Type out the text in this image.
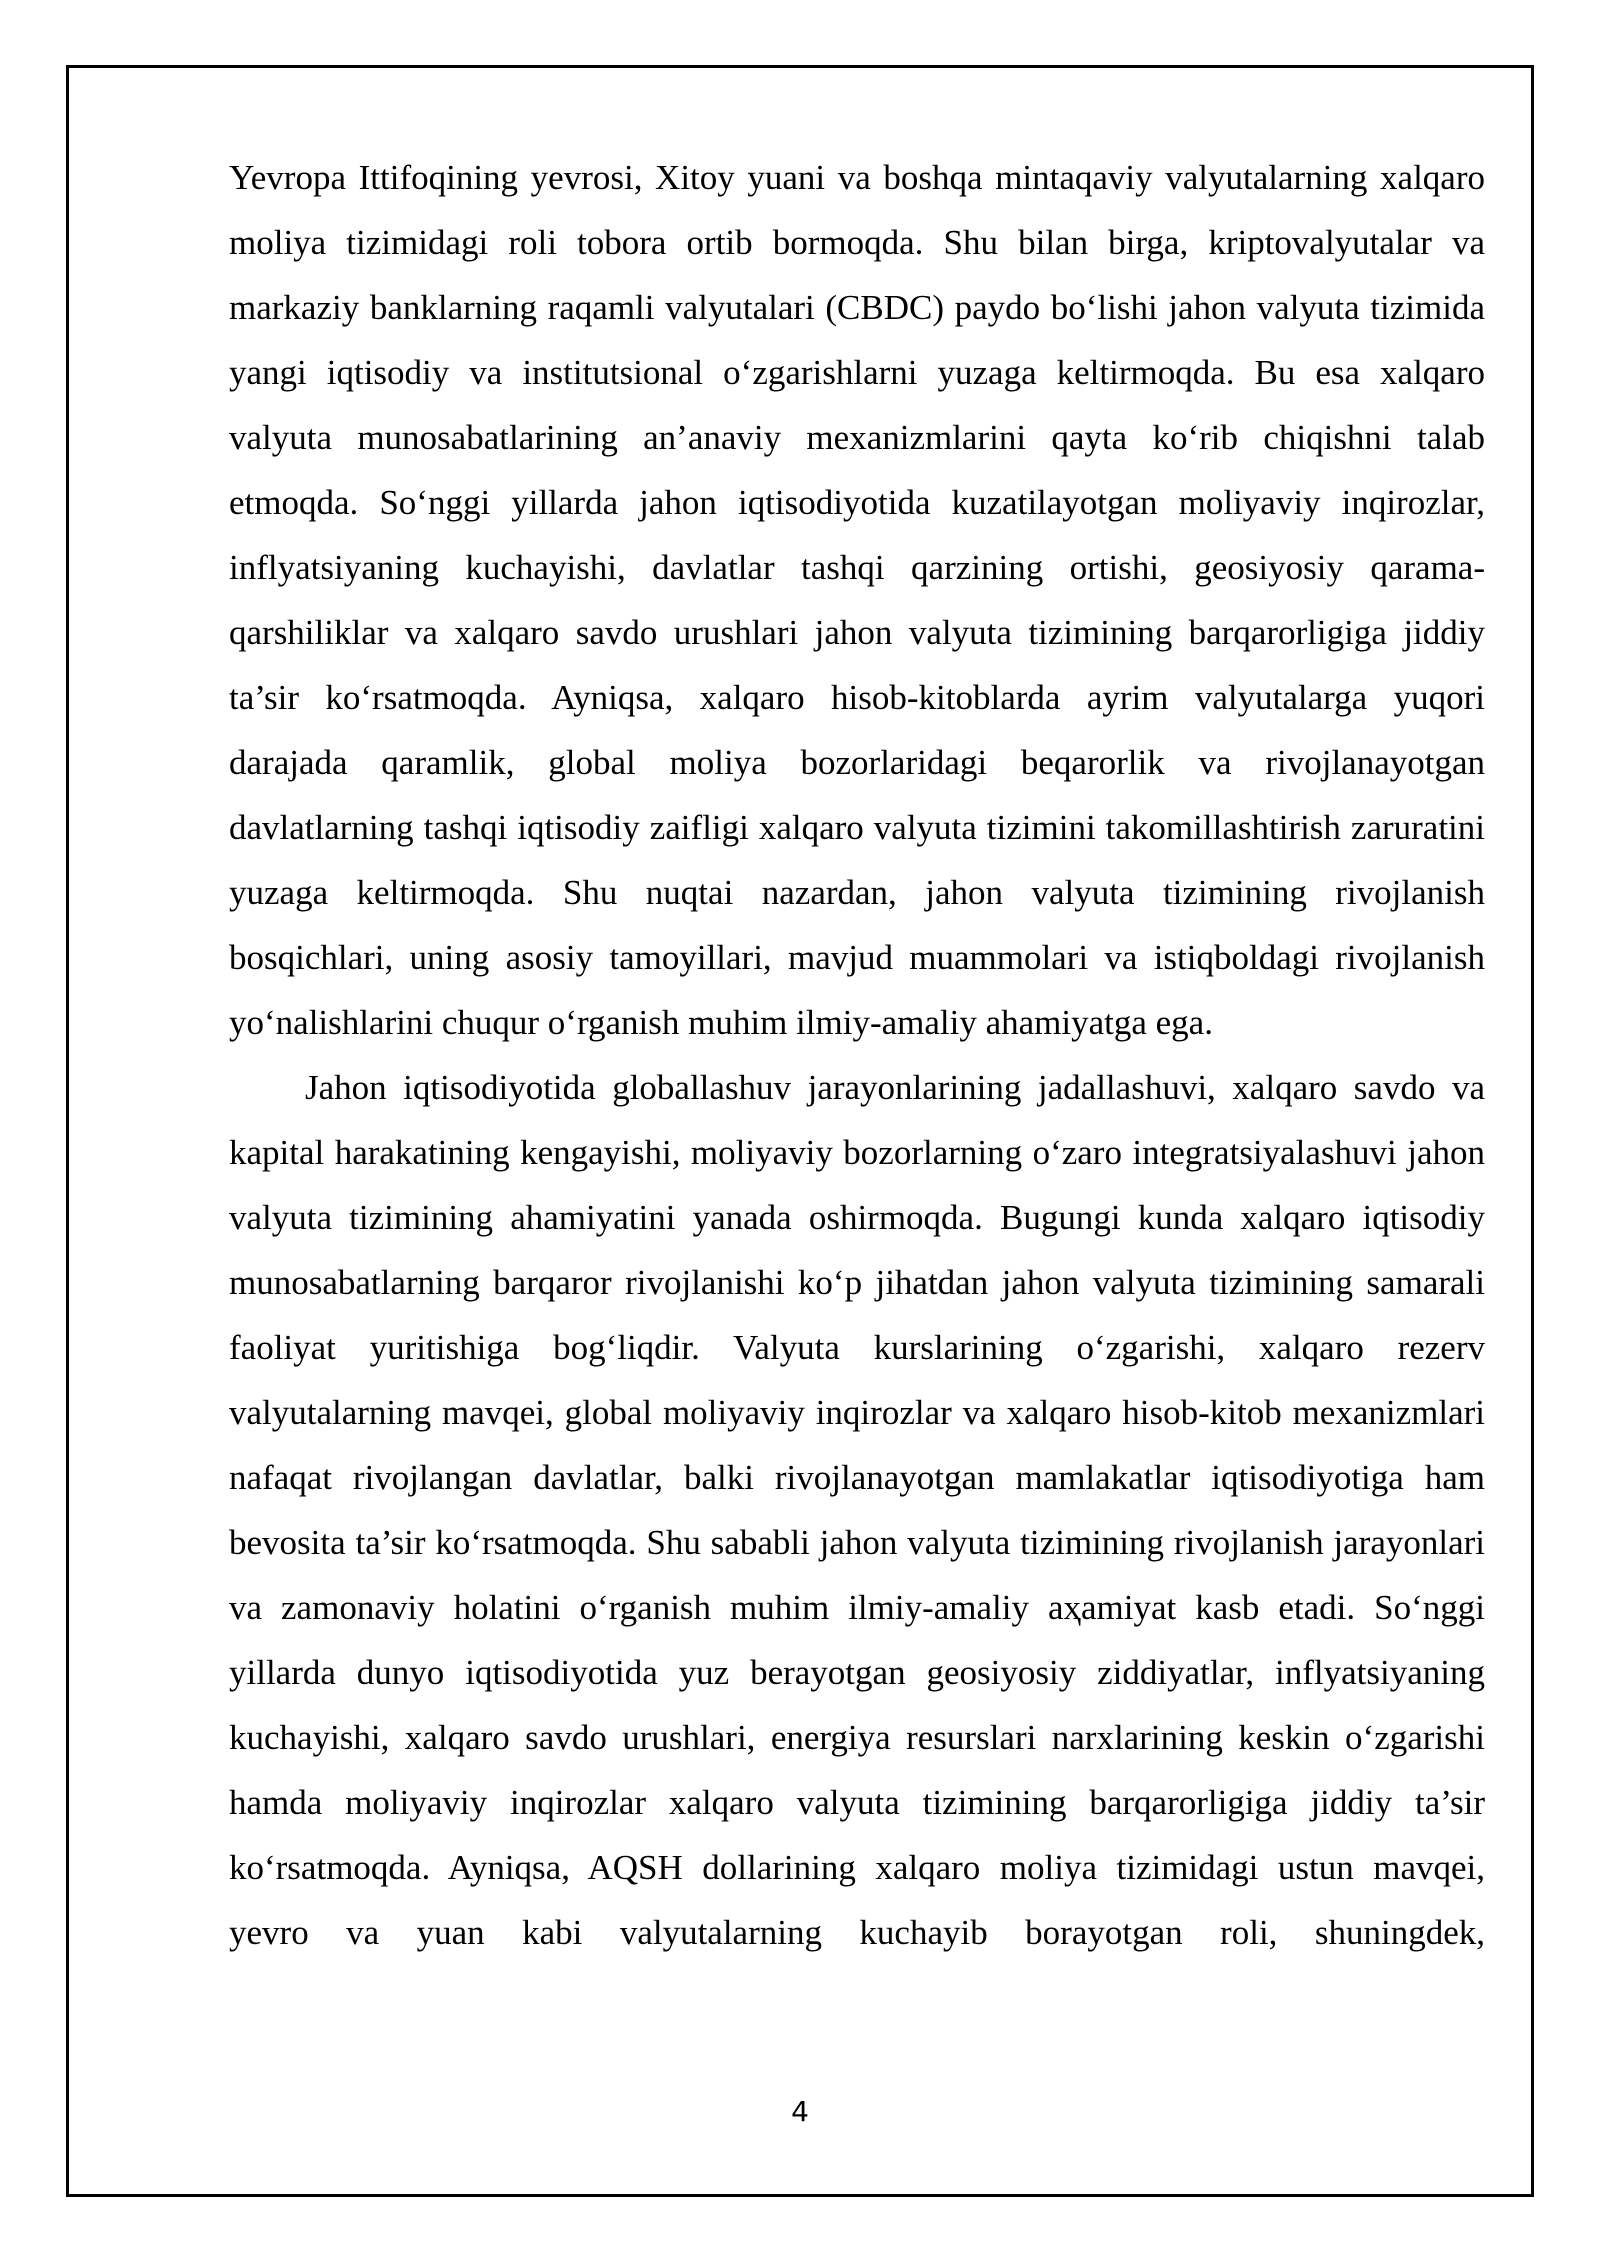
Yevropa Ittifoqining yevrosi, Xitoy yuani va boshqa mintaqaviy valyutalarning xalqaro moliya tizimidagi roli tobora ortib bormoqda. Shu bilan birga, kriptovalyutalar va markaziy banklarning raqamli valyutalari (CBDC) paydo bo‘lishi jahon valyuta tizimida yangi iqtisodiy va institutsional o‘zgarishlarni yuzaga keltirmoqda. Bu esa xalqaro valyuta munosabatlarining an’anaviy mexanizmlarini qayta ko‘rib chiqishni talab etmoqda. So‘nggi yillarda jahon iqtisodiyotida kuzatilayotgan moliyaviy inqirozlar, inflyatsiyaning kuchayishi, davlatlar tashqi qarzining ortishi, geosiyosiy qarama-qarshiliklar va xalqaro savdo urushlari jahon valyuta tizimining barqarorligiga jiddiy ta’sir ko‘rsatmoqda. Ayniqsa, xalqaro hisob-kitoblarda ayrim valyutalarga yuqori darajada qaramlik, global moliya bozorlaridagi beqarorlik va rivojlanayotgan davlatlarning tashqi iqtisodiy zaifligi xalqaro valyuta tizimini takomillashtirish zaruratini yuzaga keltirmoqda. Shu nuqtai nazardan, jahon valyuta tizimining rivojlanish bosqichlari, uning asosiy tamoyillari, mavjud muammolari va istiqboldagi rivojlanish yo‘nalishlarini chuqur o‘rganish muhim ilmiy-amaliy ahamiyatga ega.

Jahon iqtisodiyotida globallashuv jarayonlarining jadallashuvi, xalqaro savdo va kapital harakatining kengayishi, moliyaviy bozorlarning o‘zaro integratsiyalashuvi jahon valyuta tizimining ahamiyatini yanada oshirmoqda. Bugungi kunda xalqaro iqtisodiy munosabatlarning barqaror rivojlanishi ko‘p jihatdan jahon valyuta tizimining samarali faoliyat yuritishiga bog‘liqdir. Valyuta kurslarining o‘zgarishi, xalqaro rezerv valyutalarning mavqei, global moliyaviy inqirozlar va xalqaro hisob-kitob mexanizmlari nafaqat rivojlangan davlatlar, balki rivojlanayotgan mamlakatlar iqtisodiyotiga ham bevosita ta’sir ko‘rsatmoqda. Shu sababli jahon valyuta tizimining rivojlanish jarayonlari va zamonaviy holatini o‘rganish muhim ilmiy-amaliy aҳamiyat kasb etadi. So‘nggi yillarda dunyo iqtisodiyotida yuz berayotgan geosiyosiy ziddiyatlar, inflyatsiyaning kuchayishi, xalqaro savdo urushlari, energiya resurslari narxlarining keskin o‘zgarishi hamda moliyaviy inqirozlar xalqaro valyuta tizimining barqarorligiga jiddiy ta’sir ko‘rsatmoqda. Ayniqsa, AQSH dollarining xalqaro moliya tizimidagi ustun mavqei, yevro va yuan kabi valyutalarning kuchayib borayotgan roli, shuningdek,

4
